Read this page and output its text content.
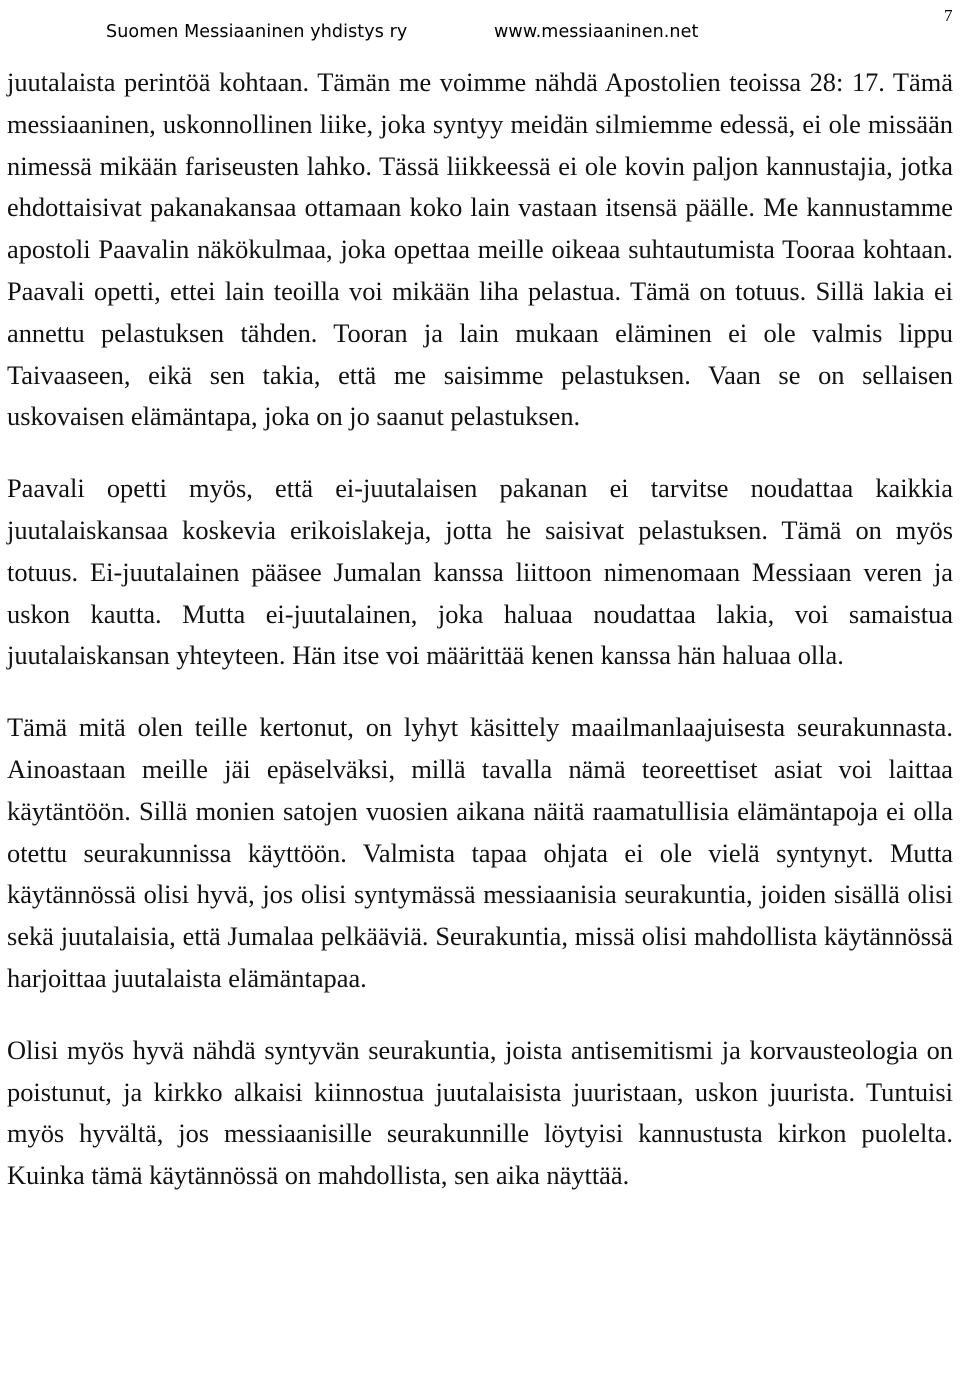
Suomen Messiaaninen yhdistys ry	www.messiaaninen.net
7

juutalaista perintöä kohtaan. Tämän me voimme nähdä Apostolien teoissa 28: 17. Tämä messiaaninen, uskonnollinen liike, joka syntyy meidän silmiemme edessä, ei ole missään nimessä mikään fariseusten lahko. Tässä liikkeessä ei ole kovin paljon kannustajia, jotka ehdottaisivat pakanakansaa ottamaan koko lain vastaan itsensä päälle. Me kannustamme apostoli Paavalin näkökulmaa, joka opettaa meille oikeaa suhtautumista Tooraa kohtaan. Paavali opetti, ettei lain teoilla voi mikään liha pelastua. Tämä on totuus. Sillä lakia ei annettu pelastuksen tähden. Tooran ja lain mukaan eläminen ei ole valmis lippu Taivaaseen, eikä sen takia, että me saisimme pelastuksen. Vaan se on sellaisen uskovaisen elämäntapa, joka on jo saanut pelastuksen.

Paavali opetti myös, että ei-juutalaisen pakanan ei tarvitse noudattaa kaikkia juutalaiskansaa koskevia erikoislakeja, jotta he saisivat pelastuksen. Tämä on myös totuus. Ei-juutalainen pääsee Jumalan kanssa liittoon nimenomaan Messiaan veren ja uskon kautta. Mutta ei-juutalainen, joka haluaa noudattaa lakia, voi samaistua juutalaiskansan yhteyteen. Hän itse voi määrittää kenen kanssa hän haluaa olla.

Tämä mitä olen teille kertonut, on lyhyt käsittely maailmanlaajuisesta seurakunnasta. Ainoastaan meille jäi epäselväksi, millä tavalla nämä teoreettiset asiat voi laittaa käytäntöön. Sillä monien satojen vuosien aikana näitä raamatullisia elämäntapoja ei olla otettu seurakunnissa käyttöön. Valmista tapaa ohjata ei ole vielä syntynyt. Mutta käytännössä olisi hyvä, jos olisi syntymässä messiaanisia seurakuntia, joiden sisällä olisi sekä juutalaisia, että Jumalaa pelkääviä. Seurakuntia, missä olisi mahdollista käytännössä harjoittaa juutalaista elämäntapaa.

Olisi myös hyvä nähdä syntyvän seurakuntia, joista antisemitismi ja korvausteologia on poistunut, ja kirkko alkaisi kiinnostua juutalaisista juuristaan, uskon juurista. Tuntuisi myös hyvältä, jos messiaanisille seurakunnille löytyisi kannustusta kirkon puolelta. Kuinka tämä käytännössä on mahdollista, sen aika näyttää.
